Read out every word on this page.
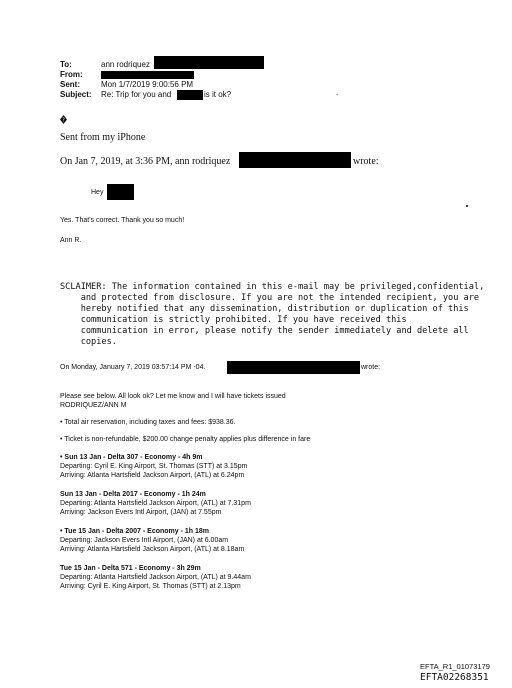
To:	ann rodriquez
From:
Sent:	Mon 1/7/2019 9:00:56 PM
Subject: Re: Trip for you and	is it ok?	.
?
Sent from my iPhone
On Jan 7, 2019, at 3:36 PM, ann rodriquez	wrote:
Hey
Yes. That's correct. Thank you so much!
Ann R.
SCLAIMER: The information contained in this e-mail may be privileged,confidential,
and protected from disclosure. If you are not the intended recipient, you are
hereby notified that any dissemination, distribution or duplication of this
communication is strictly prohibited. If you have received this
communication in error, please notify the sender immediately and delete all
copies.
On Monday, January 7, 2019 03:57:14 PM -04.	wrote:
Please see below. All look ok? Let me know and I will have tickets issued
RODRIQUEZ/ANN M
• Total air reservation, including taxes and fees: $938.36.
• Ticket is non-refundable, $200.00 change penalty applies plus difference in fare
• Sun 13 Jan - Delta 307 - Economy - 4h 9m
Departing: Cyril E. King Airport, St. Thomas (STT) at 3.15pm
Arriving: Atlanta Hartsfield Jackson Airport, (ATL) at 6.24pm
Sun 13 Jan - Delta 2017 - Economy - 1h 24m
Departing: Atlanta Hartsfield Jackson Airport, (ATL) at 7.31pm
Arriving: Jackson Evers Intl Airport, (JAN) at 7.55pm
• Tue 15 Jan - Delta 2007 - Economy - 1h 18m
Departing: Jackson Evers Intl Airport, (JAN) at 6.00am
Arriving: Atlanta Hartsfield Jackson Airport, (ATL) at 8.18am
Tue 15 Jan - Delta 571 - Economy - 3h 29m
Departing: Atlanta Hartsfield Jackson Airport, (ATL) at 9.44am
Arriving: Cyril E. King Airport, St. Thomas (STT) at 2.13pm
EFTA_R1_01073179
EFTA02268351
